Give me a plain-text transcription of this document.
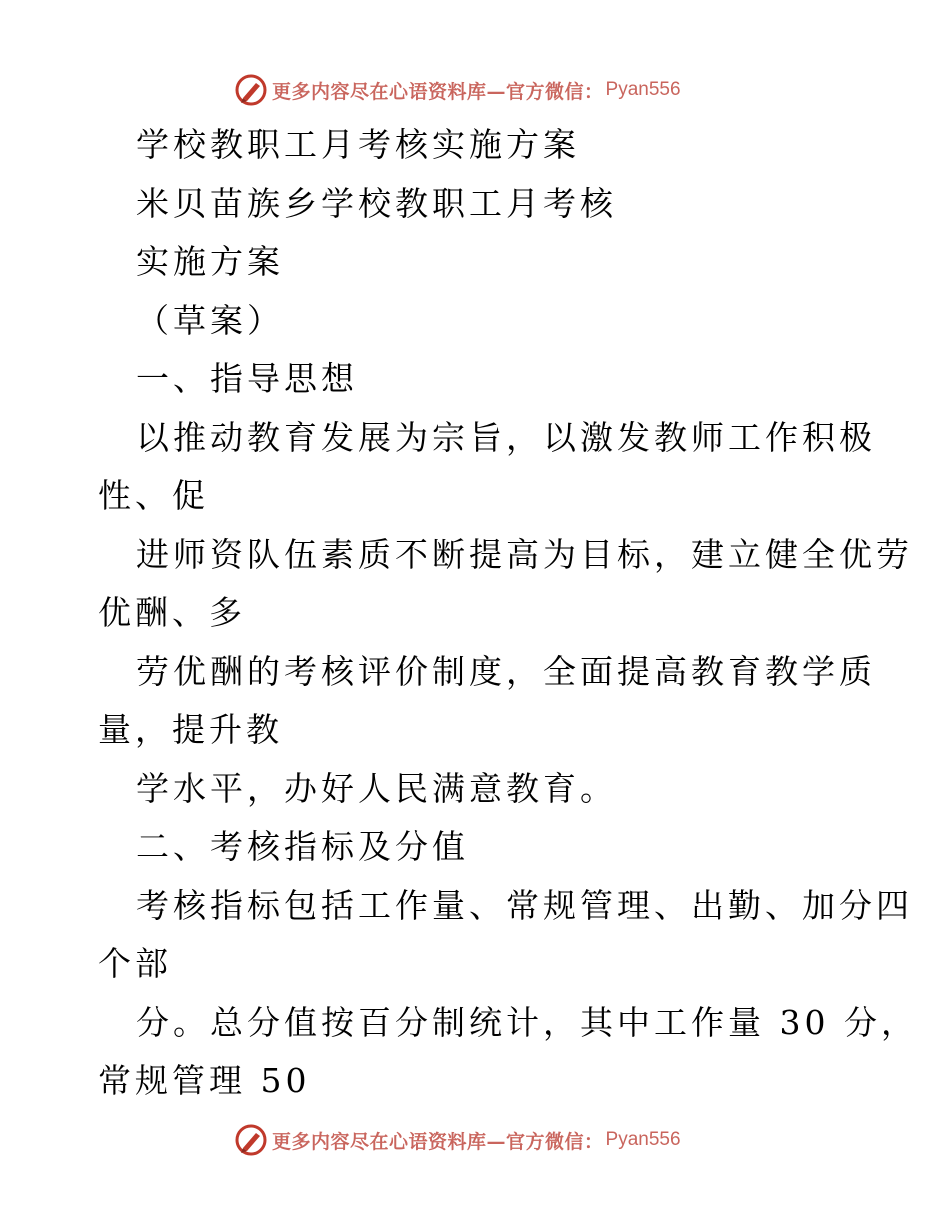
更多内容尽在心语资料库—官方微信： Pyan556
学校教职工月考核实施方案
米贝苗族乡学校教职工月考核
实施方案
（草案）
一、指导思想
以推动教育发展为宗旨，以激发教师工作积极
性、促
进师资队伍素质不断提高为目标，建立健全优劳
优酬、多
劳优酬的考核评价制度，全面提高教育教学质
量，提升教
学水平，办好人民满意教育。
二、考核指标及分值
考核指标包括工作量、常规管理、出勤、加分四
个部
分。总分值按百分制统计，其中工作量 30 分，
常规管理 50
更多内容尽在心语资料库—官方微信： Pyan556
